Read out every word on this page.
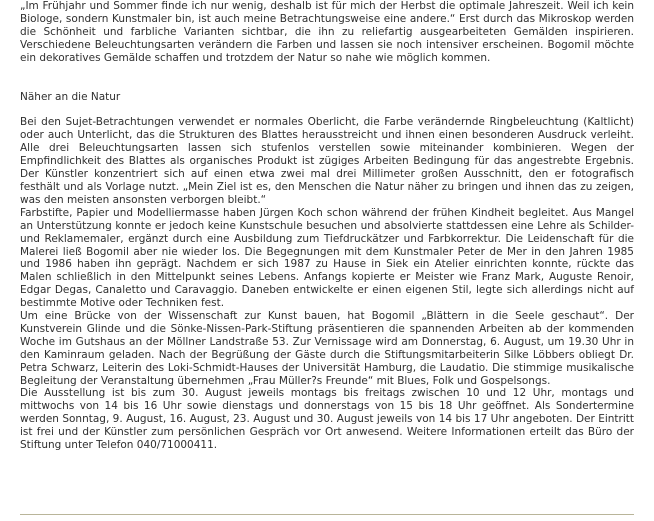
„Im Frühjahr und Sommer finde ich nur wenig, deshalb ist für mich der Herbst die optimale Jahreszeit. Weil ich kein Biologe, sondern Kunstmaler bin, ist auch meine Betrachtungsweise eine andere.“ Erst durch das Mikroskop werden die Schönheit und farbliche Varianten sichtbar, die ihn zu reliefartig ausgearbeiteten Gemälden inspirieren. Verschiedene Beleuchtungsarten verändern die Farben und lassen sie noch intensiver erscheinen. Bogomil möchte ein dekoratives Gemälde schaffen und trotzdem der Natur so nahe wie möglich kommen.

Näher an die Natur

Bei den Sujet-Betrachtungen verwendet er normales Oberlicht, die Farbe verändernde Ringbeleuchtung (Kaltlicht) oder auch Unterlicht, das die Strukturen des Blattes herausstreicht und ihnen einen besonderen Ausdruck verleiht. Alle drei Beleuchtungsarten lassen sich stufenlos verstellen sowie miteinander kombinieren. Wegen der Empfindlichkeit des Blattes als organisches Produkt ist zügiges Arbeiten Bedingung für das angestrebte Ergebnis. Der Künstler konzentriert sich auf einen etwa zwei mal drei Millimeter großen Ausschnitt, den er fotografisch festhält und als Vorlage nutzt. „Mein Ziel ist es, den Menschen die Natur näher zu bringen und ihnen das zu zeigen, was den meisten ansonsten verborgen bleibt.“

Farbstifte, Papier und Modelliermasse haben Jürgen Koch schon während der frühen Kindheit begleitet. Aus Mangel an Unterstützung konnte er jedoch keine Kunstschule besuchen und absolvierte stattdessen eine Lehre als Schilder- und Reklamemaler, ergänzt durch eine Ausbildung zum Tiefdruckätzer und Farbkorrektur. Die Leidenschaft für die Malerei ließ Bogomil aber nie wieder los. Die Begegnungen mit dem Kunstmaler Peter de Mer in den Jahren 1985 und 1986 haben ihn geprägt. Nachdem er sich 1987 zu Hause in Siek ein Atelier einrichten konnte, rückte das Malen schließlich in den Mittelpunkt seines Lebens. Anfangs kopierte er Meister wie Franz Mark, Auguste Renoir, Edgar Degas, Canaletto und Caravaggio. Daneben entwickelte er einen eigenen Stil, legte sich allerdings nicht auf bestimmte Motive oder Techniken fest.

Um eine Brücke von der Wissenschaft zur Kunst bauen, hat Bogomil „Blättern in die Seele geschaut“. Der Kunstverein Glinde und die Sönke-Nissen-Park-Stiftung präsentieren die spannenden Arbeiten ab der kommenden Woche im Gutshaus an der Möllner Landstraße 53. Zur Vernissage wird am Donnerstag, 6. August, um 19.30 Uhr in den Kaminraum geladen. Nach der Begrüßung der Gäste durch die Stiftungsmitarbeiterin Silke Löbbers obliegt Dr. Petra Schwarz, Leiterin des Loki-Schmidt-Hauses der Universität Hamburg, die Laudatio. Die stimmige musikalische Begleitung der Veranstaltung übernehmen „Frau Müller?s Freunde“ mit Blues, Folk und Gospelsongs.

Die Ausstellung ist bis zum 30. August jeweils montags bis freitags zwischen 10 und 12 Uhr, montags und mittwochs von 14 bis 16 Uhr sowie dienstags und donnerstags von 15 bis 18 Uhr geöffnet. Als Sondertermine werden Sonntag, 9. August, 16. August, 23. August und 30. August jeweils von 14 bis 17 Uhr angeboten. Der Eintritt ist frei und der Künstler zum persönlichen Gespräch vor Ort anwesend. Weitere Informationen erteilt das Büro der Stiftung unter Telefon 040/71000411.
